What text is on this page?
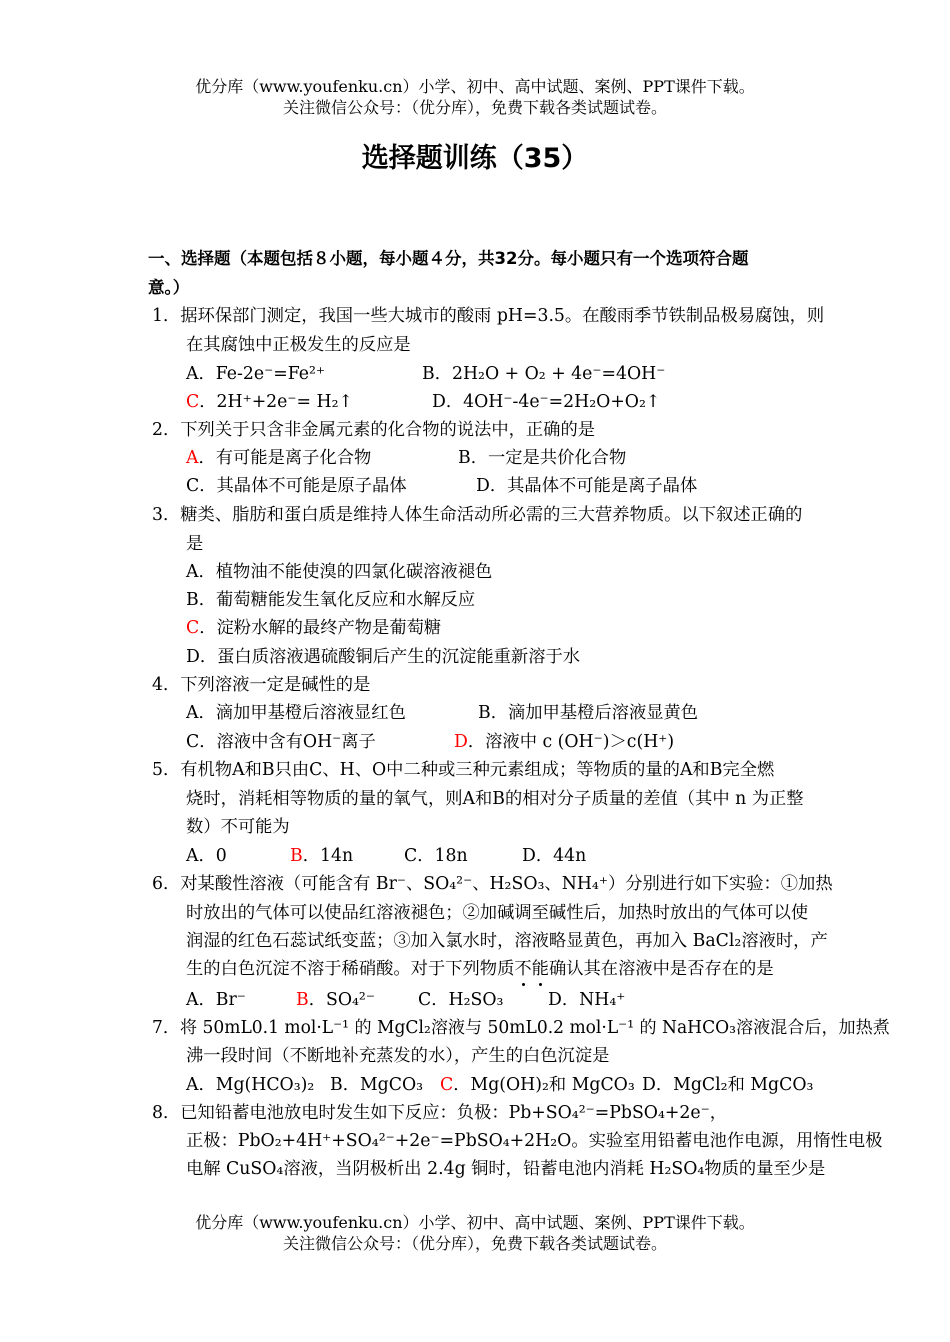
优分库（www.youfenku.cn）小学、初中、高中试题、案例、PPT课件下载。
关注微信公众号：（优分库），免费下载各类试题试卷。
选择题训练（35）
一、选择题（本题包括８小题，每小题４分，共32分。每小题只有一个选项符合题
意。）
1．据环保部门测定，我国一些大城市的酸雨 pH=3.5。在酸雨季节铁制品极易腐蚀，则
在其腐蚀中正极发生的反应是
A．Fe-2e⁻=Fe²⁺	B．2H₂O + O₂ + 4e⁻=4OH⁻
C．2H⁺+2e⁻= H₂↑	D．4OH⁻-4e⁻=2H₂O+O₂↑
2．下列关于只含非金属元素的化合物的说法中，正确的是
A．有可能是离子化合物	B．一定是共价化合物
C．其晶体不可能是原子晶体	D．其晶体不可能是离子晶体
3．糖类、脂肪和蛋白质是维持人体生命活动所必需的三大营养物质。以下叙述正确的
是
A．植物油不能使溴的四氯化碳溶液褪色
B．葡萄糖能发生氧化反应和水解反应
C．淀粉水解的最终产物是葡萄糖
D．蛋白质溶液遇硫酸铜后产生的沉淀能重新溶于水
4．下列溶液一定是碱性的是
A．滴加甲基橙后溶液显红色	B．滴加甲基橙后溶液显黄色
C．溶液中含有OH⁻离子	D．溶液中 c (OH⁻)＞c(H⁺)
5．有机物A和B只由C、H、O中二种或三种元素组成；等物质的量的A和B完全燃
烧时，消耗相等物质的量的氧气，则A和B的相对分子质量的差值（其中 n 为正整
数）不可能为
A．0	B．14n	C．18n	D．44n
6．对某酸性溶液（可能含有 Br⁻、SO₄²⁻、H₂SO₃、NH₄⁺）分别进行如下实验：①加热
时放出的气体可以使品红溶液褪色；②加碱调至碱性后，加热时放出的气体可以使
润湿的红色石蕊试纸变蓝；③加入氯水时，溶液略显黄色，再加入 BaCl₂溶液时，产
生的白色沉淀不溶于稀硝酸。对于下列物质不能确认其在溶液中是否存在的是
A．Br⁻	B．SO₄²⁻ C．H₂SO₃	D．NH₄⁺
7．将 50mL0.1 mol·L⁻¹ 的 MgCl₂溶液与 50mL0.2 mol·L⁻¹ 的 NaHCO₃溶液混合后，加热煮
沸一段时间（不断地补充蒸发的水），产生的白色沉淀是
A．Mg(HCO₃)₂ B．MgCO₃ C．Mg(OH)₂和 MgCO₃ D．MgCl₂和 MgCO₃
8．已知铅蓄电池放电时发生如下反应：负极：Pb+SO₄²⁻=PbSO₄+2e⁻，
正极：PbO₂+4H⁺+SO₄²⁻+2e⁻=PbSO₄+2H₂O。实验室用铅蓄电池作电源，用惰性电极
电解 CuSO₄溶液，当阴极析出 2.4g 铜时，铅蓄电池内消耗 H₂SO₄物质的量至少是
优分库（www.youfenku.cn）小学、初中、高中试题、案例、PPT课件下载。
关注微信公众号：（优分库），免费下载各类试题试卷。
